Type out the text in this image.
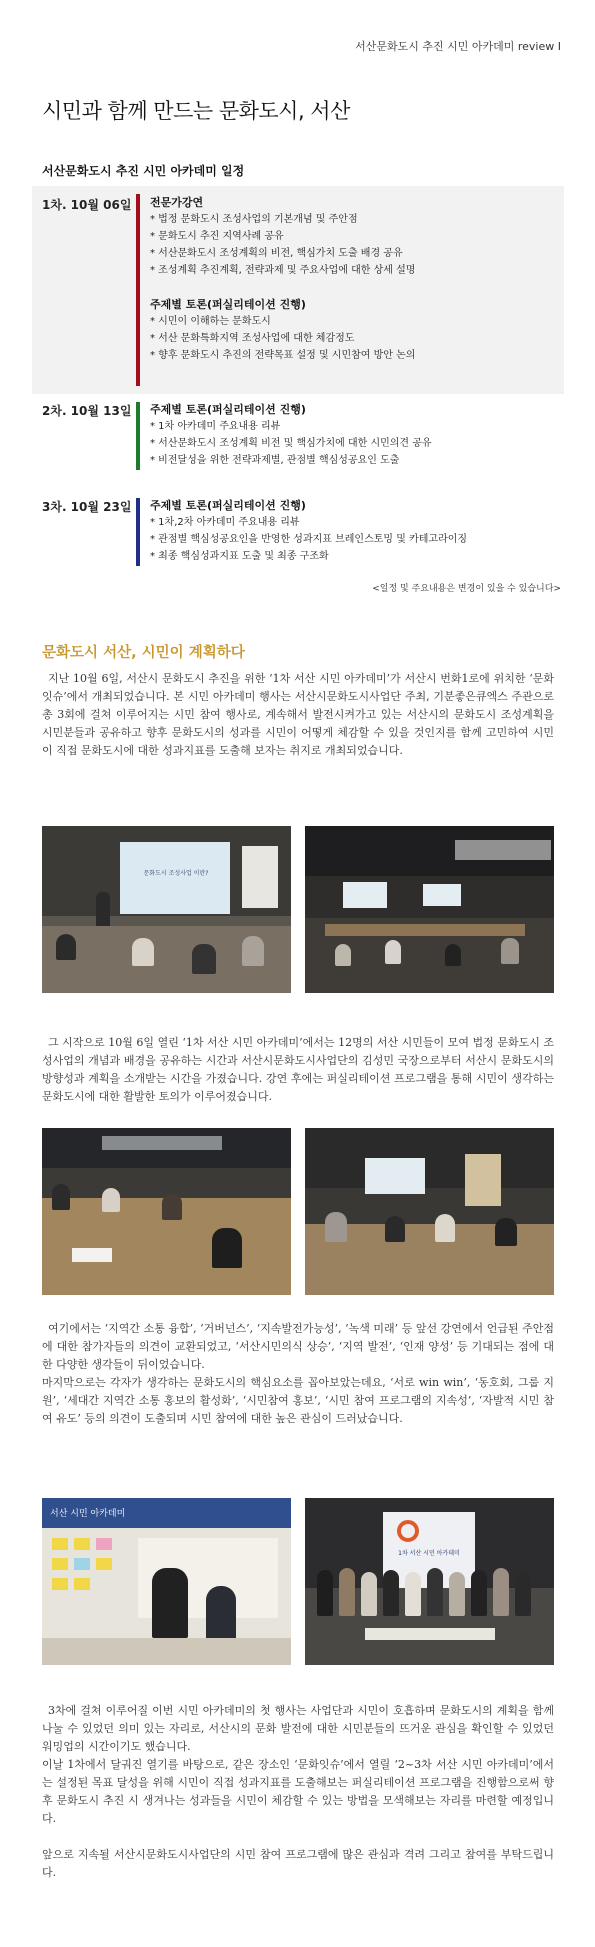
서산문화도시 추진 시민 아카데미 review Ⅰ
시민과 함께 만드는 문화도시, 서산
서산문화도시 추진 시민 아카데미 일정
1차. 10월 06일 전문가강연
* 법정 문화도시 조성사업의 기본개념 및 주안점
* 문화도시 추진 지역사례 공유
* 서산문화도시 조성계획의 비전, 핵심가치 도출 배경 공유
* 조성계획 추진계획, 전략과제 및 주요사업에 대한 상세 설명
주제별 토론(퍼실리테이션 진행)
* 시민이 이해하는 문화도시
* 서산 문화특화지역 조성사업에 대한 체감정도
* 향후 문화도시 추진의 전략목표 설정 및 시민참여 방안 논의
2차. 10월 13일 주제별 토론(퍼실리테이션 진행)
* 1차 아카데미 주요내용 리뷰
* 서산문화도시 조성계획 비전 및 핵심가치에 대한 시민의견 공유
* 비전달성을 위한 전략과제별, 관점별 핵심성공요인 도출
3차. 10월 23일 주제별 토론(퍼실리테이션 진행)
* 1차,2차 아카데미 주요내용 리뷰
* 관점별 핵심성공요인을 반영한 성과지표 브레인스토밍 및 카테고라이징
* 최종 핵심성과지표 도출 및 최종 구조화
<일정 및 주요내용은 변경이 있을 수 있습니다>
문화도시 서산, 시민이 계획하다

지난 10월 6일, 서산시 문화도시 추진을 위한 ‘1차 서산 시민 아카데미’가 서산시 번화1로에 위치한 ‘문화잇슈’에서 개최되었습니다. 본 시민 아카데미 행사는 서산시문화도시사업단 주최, 기분좋은큐엑스 주관으로 총 3회에 걸쳐 이루어지는 시민 참여 행사로, 계속해서 발전시켜가고 있는 서산시의 문화도시 조성계획을 시민분들과 공유하고 향후 문화도시의 성과를 시민이 어떻게 체감할 수 있을 것인지를 함께 고민하여 시민이 직접 문화도시에 대한 성과지표를 도출해 보자는 취지로 개최되었습니다.

문화도시 조성사업 이란?

그 시작으로 10월 6일 열린 ‘1차 서산 시민 아카데미’에서는 12명의 서산 시민들이 모여 법정 문화도시 조성사업의 개념과 배경을 공유하는 시간과 서산시문화도시사업단의 김성민 국장으로부터 서산시 문화도시의 방향성과 계획을 소개받는 시간을 가졌습니다. 강연 후에는 퍼실리테이션 프로그램을 통해 시민이 생각하는 문화도시에 대한 활발한 토의가 이루어졌습니다.

여기에서는 ‘지역간 소통 융합’, ‘거버넌스’, ‘지속발전가능성’, ‘녹색 미래’ 등 앞선 강연에서 언급된 주안점에 대한 참가자들의 의견이 교환되었고, ‘서산시민의식 상승’, ‘지역 발전’, ‘인재 양성’ 등 기대되는 점에 대한 다양한 생각들이 뒤이었습니다.

마지막으로는 각자가 생각하는 문화도시의 핵심요소를 꼽아보았는데요, ‘서로 win win’, ‘동호회, 그룹 지원’, ‘세대간 지역간 소통 홍보의 활성화’, ‘시민참여 홍보’, ‘시민 참여 프로그램의 지속성’, ‘자발적 시민 참여 유도’ 등의 의견이 도출되며 시민 참여에 대한 높은 관심이 드러났습니다.

서산 시민 아카데미
1차 서산 시민 아카데미

3차에 걸쳐 이루어질 이번 시민 아카데미의 첫 행사는 사업단과 시민이 호흡하며 문화도시의 계획을 함께 나눌 수 있었던 의미 있는 자리로, 서산시의 문화 발전에 대한 시민분들의 뜨거운 관심을 확인할 수 있었던 워밍업의 시간이기도 했습니다.

이날 1차에서 달궈진 열기를 바탕으로, 같은 장소인 ‘문화잇슈’에서 열릴 ‘2~3차 서산 시민 아카데미’에서는 설정된 목표 달성을 위해 시민이 직접 성과지표를 도출해보는 퍼실리테이션 프로그램을 진행함으로써 향후 문화도시 추진 시 생겨나는 성과들을 시민이 체감할 수 있는 방법을 모색해보는 자리를 마련할 예정입니다.

앞으로 지속될 서산시문화도시사업단의 시민 참여 프로그램에 많은 관심과 격려 그리고 참여를 부탁드립니다.
